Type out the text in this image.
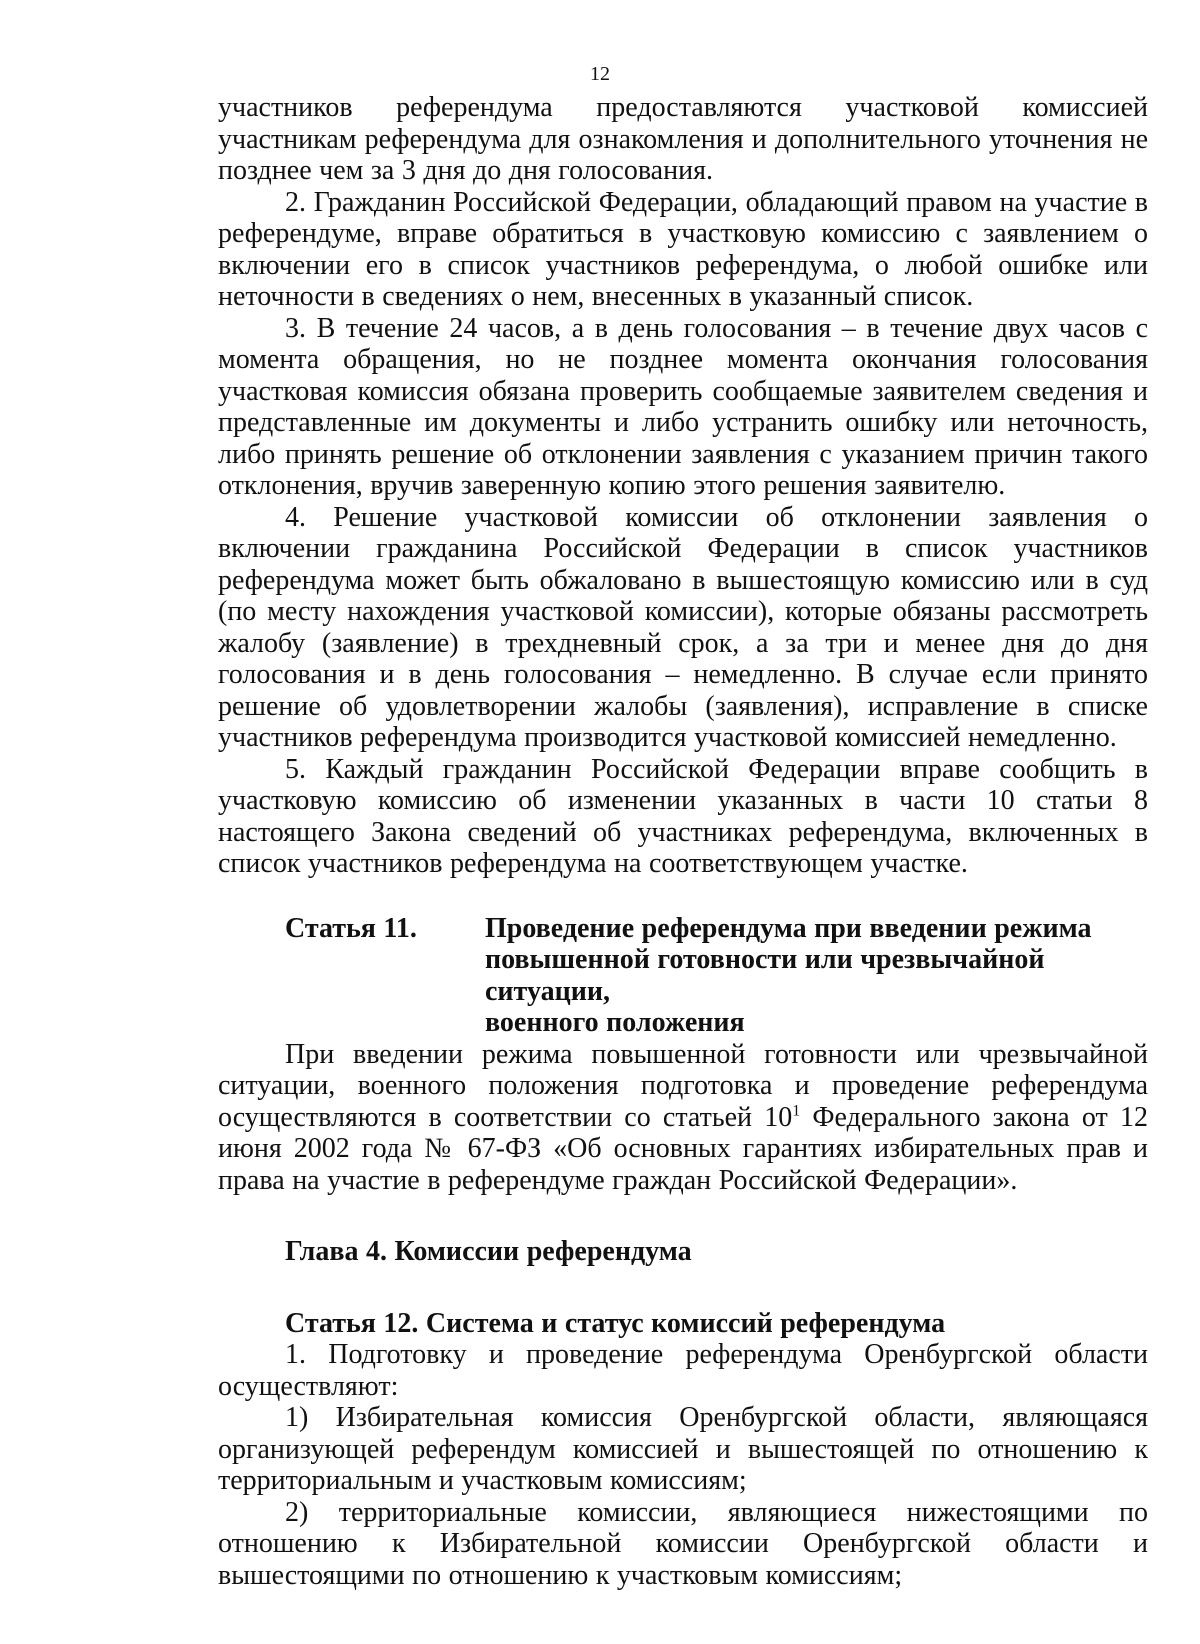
12

участников референдума предоставляются участковой комиссией участникам референдума для ознакомления и дополнительного уточнения не позднее чем за 3 дня до дня голосования.

2. Гражданин Российской Федерации, обладающий правом на участие в референдуме, вправе обратиться в участковую комиссию с заявлением о включении его в список участников референдума, о любой ошибке или неточности в сведениях о нем, внесенных в указанный список.

3. В течение 24 часов, а в день голосования – в течение двух часов с момента обращения, но не позднее момента окончания голосования участковая комиссия обязана проверить сообщаемые заявителем сведения и представленные им документы и либо устранить ошибку или неточность, либо принять решение об отклонении заявления с указанием причин такого отклонения, вручив заверенную копию этого решения заявителю.

4. Решение участковой комиссии об отклонении заявления о включении гражданина Российской Федерации в список участников референдума может быть обжаловано в вышестоящую комиссию или в суд (по месту нахождения участковой комиссии), которые обязаны рассмотреть жалобу (заявление) в трехдневный срок, а за три и менее дня до дня голосования и в день голосования – немедленно. В случае если принято решение об удовлетворении жалобы (заявления), исправление в списке участников референдума производится участковой комиссией немедленно.

5. Каждый гражданин Российской Федерации вправе сообщить в участковую комиссию об изменении указанных в части 10 статьи 8 настоящего Закона сведений об участниках референдума, включенных в список участников референдума на соответствующем участке.

Статья 11. Проведение референдума при введении режима
повышенной готовности или чрезвычайной ситуации,
военного положения

При введении режима повышенной готовности или чрезвычайной ситуации, военного положения подготовка и проведение референдума осуществляются в соответствии со статьей $10^1$ Федерального закона от 12 июня 2002 года № 67-ФЗ «Об основных гарантиях избирательных прав и права на участие в референдуме граждан Российской Федерации».

Глава 4. Комиссии референдума

Статья 12. Система и статус комиссий референдума

1. Подготовку и проведение референдума Оренбургской области осуществляют:

1) Избирательная комиссия Оренбургской области, являющаяся организующей референдум комиссией и вышестоящей по отношению к территориальным и участковым комиссиям;

2) территориальные комиссии, являющиеся нижестоящими по отношению к Избирательной комиссии Оренбургской области и вышестоящими по отношению к участковым комиссиям;
